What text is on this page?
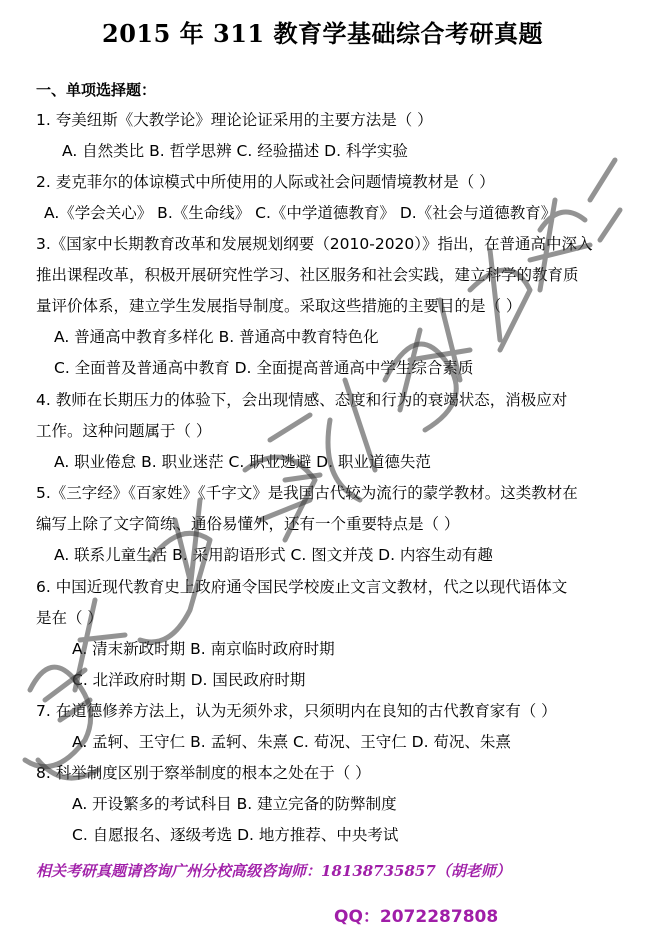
2015 年 311 教育学基础综合考研真题
一、单项选择题：
1. 夸美纽斯《大教学论》理论论证采用的主要方法是（ ）
A. 自然类比 B. 哲学思辨 C. 经验描述 D. 科学实验
2. 麦克菲尔的体谅模式中所使用的人际或社会问题情境教材是（ ）
A.《学会关心》 B.《生命线》 C.《中学道德教育》 D.《社会与道德教育》
3.《国家中长期教育改革和发展规划纲要（2010-2020）》指出，在普通高中深入
推出课程改革，积极开展研究性学习、社区服务和社会实践，建立科学的教育质
量评价体系，建立学生发展指导制度。采取这些措施的主要目的是（ ）
A. 普通高中教育多样化 B. 普通高中教育特色化
C. 全面普及普通高中教育 D. 全面提高普通高中学生综合素质
4. 教师在长期压力的体验下，会出现情感、态度和行为的衰竭状态，消极应对
工作。这种问题属于（ ）
A. 职业倦怠 B. 职业迷茫 C. 职业逃避 D. 职业道德失范
5.《三字经》《百家姓》《千字文》是我国古代较为流行的蒙学教材。这类教材在
编写上除了文字简练、通俗易懂外，还有一个重要特点是（ ）
A. 联系儿童生活 B. 采用韵语形式 C. 图文并茂 D. 内容生动有趣
6. 中国近现代教育史上政府通令国民学校废止文言文教材，代之以现代语体文
是在（ ）
A. 清末新政时期 B. 南京临时政府时期
C. 北洋政府时期 D. 国民政府时期
7. 在道德修养方法上，认为无须外求，只须明内在良知的古代教育家有（ ）
A. 孟轲、王守仁 B. 孟轲、朱熹 C. 荀况、王守仁 D. 荀况、朱熹
8. 科举制度区别于察举制度的根本之处在于（ ）
A. 开设繁多的考试科目 B. 建立完备的防弊制度
C. 自愿报名、逐级考选 D. 地方推荐、中央考试
相关考研真题请咨询广州分校高级咨询师：18138735857（胡老师）
QQ：2072287808
